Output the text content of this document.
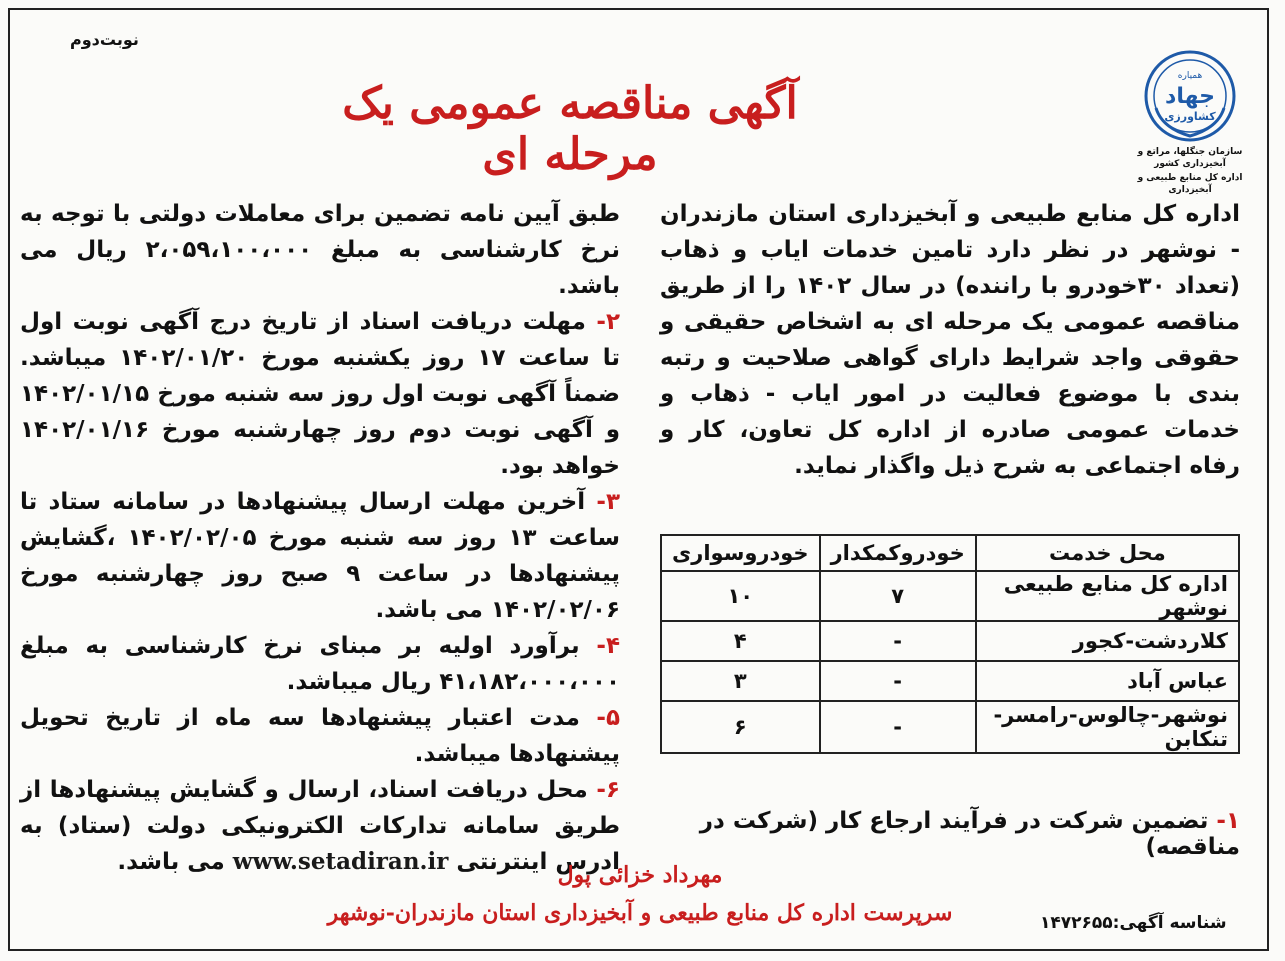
نوبت‌دوم
آگهی مناقصه عمومی یک مرحله ای
همیاره
جهاد
کشاورزی
سازمان جنگلها، مراتع و آبخیزداری کشور
اداره کل منابع طبیعی و آبخیزداری

اداره کل منابع طبیعی و آبخیزداری استان مازندران - نوشهر در نظر دارد تامین خدمات ایاب و ذهاب (تعداد ۳۰خودرو با راننده) در سال ۱۴۰۲ را از طریق مناقصه عمومی یک مرحله ای به اشخاص حقیقی و حقوقی واجد شرایط دارای گواهی صلاحیت و رتبه بندی با موضوع فعالیت در امور ایاب - ذهاب و خدمات عمومی صادره از اداره کل تعاون، کار و رفاه اجتماعی به شرح ذیل واگذار نماید.

محل خدمت	خودروکمکدار	خودروسواری
اداره کل منابع طبیعی نوشهر	۷	۱۰
کلاردشت-کجور	-	۴
عباس آباد	-	۳
نوشهر-چالوس-رامسر-تنکابن	-	۶
۱- تضمین شرکت در فرآیند ارجاع کار (شرکت در مناقصه)

طبق آیین نامه تضمین برای معاملات دولتی با توجه به نرخ کارشناسی به مبلغ ۲،۰۵۹،۱۰۰،۰۰۰ ریال می باشد.

۲- مهلت دریافت اسناد از تاریخ درج آگهی نوبت اول تا ساعت ۱۷ روز یکشنبه مورخ ۱۴۰۲/۰۱/۲۰ میباشد. ضمناً آگهی نوبت اول روز سه شنبه مورخ ۱۴۰۲/۰۱/۱۵ و آگهی نوبت دوم روز چهارشنبه مورخ ۱۴۰۲/۰۱/۱۶ خواهد بود.

۳- آخرین مهلت ارسال پیشنهادها در سامانه ستاد تا ساعت ۱۳ روز سه شنبه مورخ ۱۴۰۲/۰۲/۰۵ ،گشایش پیشنهادها در ساعت ۹ صبح روز چهارشنبه مورخ ۱۴۰۲/۰۲/۰۶ می باشد.

۴- برآورد اولیه بر مبنای نرخ کارشناسی به مبلغ ۴۱،۱۸۲،۰۰۰،۰۰۰ ریال میباشد.

۵- مدت اعتبار پیشنهادها سه ماه از تاریخ تحویل پیشنهادها میباشد.

۶- محل دریافت اسناد، ارسال و گشایش پیشنهادها از طریق سامانه تدارکات الکترونیکی دولت (ستاد) به ادرس اینترنتی www.setadiran.ir می باشد.	مهرداد خزائی پول
سرپرست اداره کل منابع طبیعی و آبخیزداری استان مازندران-نوشهر	شناسه آگهی:۱۴۷۲۶۵۵
